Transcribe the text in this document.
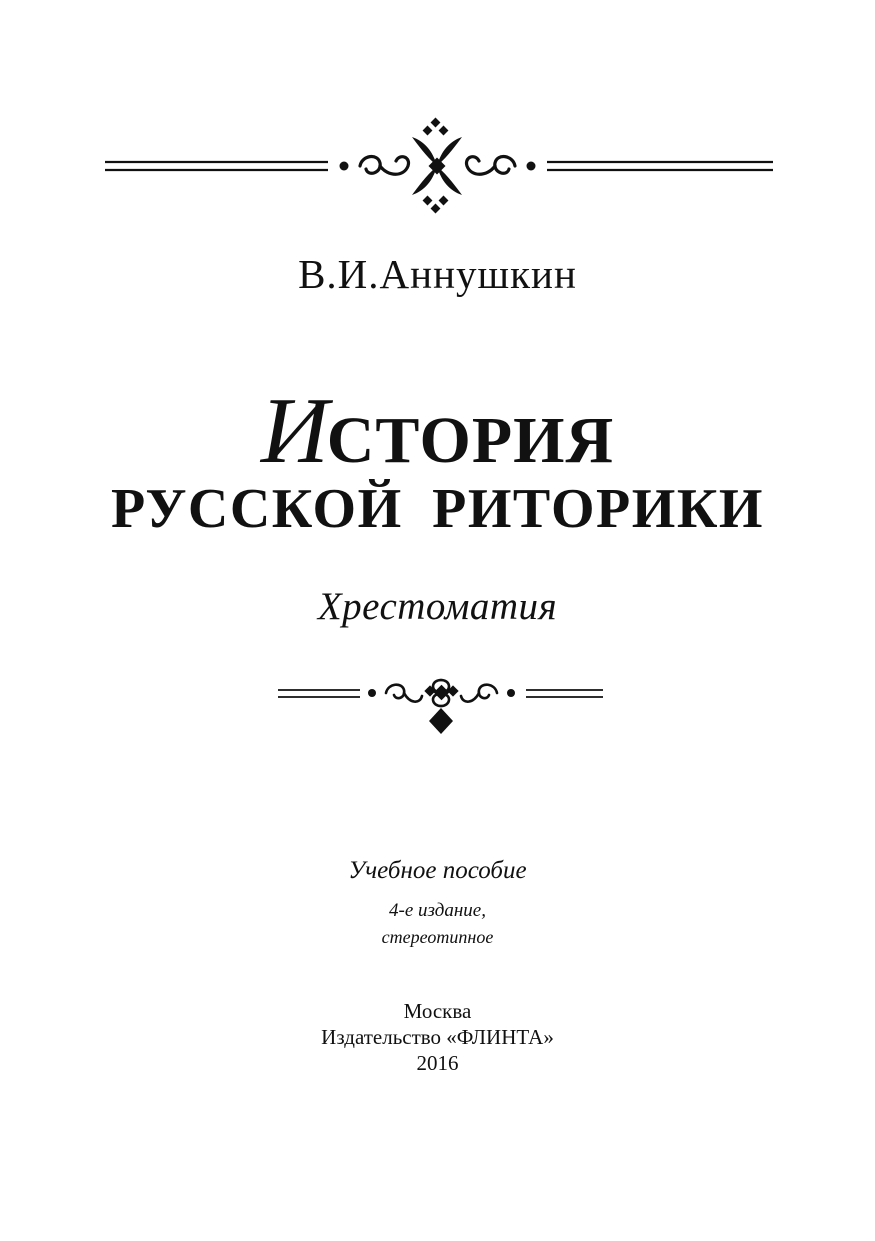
В.И.Аннушкин
ИСТОРИЯ
РУССКОЙ РИТОРИКИ
Хрестоматия
Учебное пособие
4-е издание,
стереотипное
Москва
Издательство «ФЛИНТА»
2016
